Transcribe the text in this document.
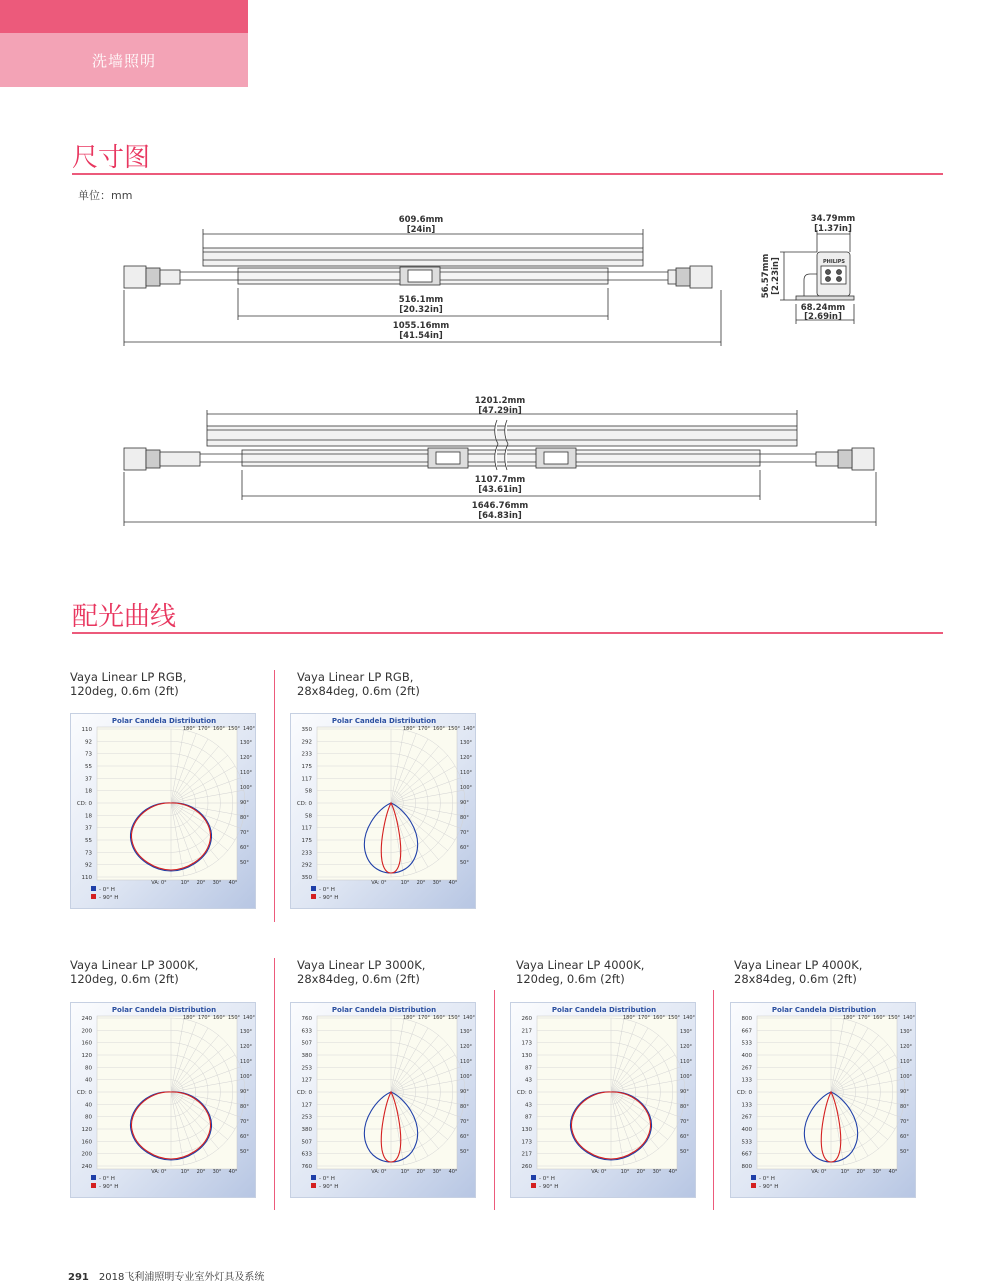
洗墙照明
尺寸图
单位：mm
609.6mm
[24in]
516.1mm
[20.32in]
1055.16mm
[41.54in]
34.79mm
[1.37in]
56.57mm [2.23in]
68.24mm
[2.69in]
PHILIPS
1201.2mm
[47.29in]
1107.7mm
[43.61in]
1646.76mm
[64.83in]
配光曲线
Vaya Linear LP RGB,
120deg, 0.6m (2ft)
Polar Candela Distribution
110
92
73
55
37
18
CD: 0
18
37
55
73
92
110
180° 170° 160° 150° 140°
130°
120°
110°
100°
90°
80°
70°
60°
50°
VA: 0°	10° 20° 30° 40°
- 0° H
- 90° H
Vaya Linear LP RGB,
28x84deg, 0.6m (2ft)
Polar Candela Distribution
350
292
233
175
117
58
CD: 0
58
117
175
233
292
350
180° 170° 160° 150° 140°
130°
120°
110°
100°
90°
80°
70°
60°
50°
VA: 0°	10° 20° 30° 40°
- 0° H
- 90° H
Vaya Linear LP 3000K,
120deg, 0.6m (2ft)
Polar Candela Distribution
240
200
160
120
80
40
CD: 0
40
80
120
160
200
240
180° 170° 160° 150° 140°
130°
120°
110°
100°
90°
80°
70°
60°
50°
VA: 0°	10° 20° 30° 40°
- 0° H
- 90° H
Vaya Linear LP 3000K,
28x84deg, 0.6m (2ft)
Polar Candela Distribution
760
633
507
380
253
127
CD: 0
127
253
380
507
633
760
180° 170° 160° 150° 140°
130°
120°
110°
100°
90°
80°
70°
60°
50°
VA: 0°	10° 20° 30° 40°
- 0° H
- 90° H
Vaya Linear LP 4000K,
120deg, 0.6m (2ft)
Polar Candela Distribution
260
217
173
130
87
43
CD: 0
43
87
130
173
217
260
180° 170° 160° 150° 140°
130°
120°
110°
100°
90°
80°
70°
60°
50°
VA: 0°	10° 20° 30° 40°
- 0° H
- 90° H
Vaya Linear LP 4000K,
28x84deg, 0.6m (2ft)
Polar Candela Distribution
800
667
533
400
267
133
CD: 0
133
267
400
533
667
800
180° 170° 160° 150° 140°
130°
120°
110°
100°
90°
80°
70°
60°
50°
VA: 0°	10° 20° 30° 40°
- 0° H
- 90° H
291 2018飞利浦照明专业室外灯具及系统
